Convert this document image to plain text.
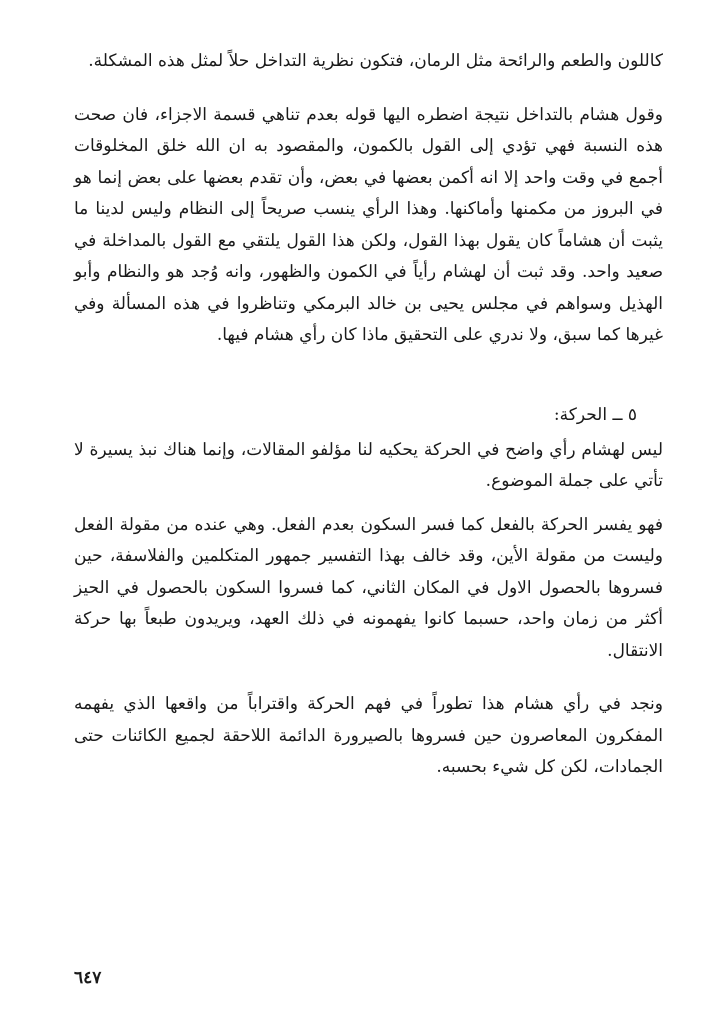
كاللون والطعم والرائحة مثل الرمان، فتكون نظرية التداخل حلاً لمثل هذه المشكلة.

وقول هشام بالتداخل نتيجة اضطره اليها قوله بعدم تناهي قسمة الاجزاء، فان صحت هذه النسبة فهي تؤدي إلى القول بالكمون، والمقصود به ان الله خلق المخلوقات أجمع في وقت واحد إلا انه أكمن بعضها في بعض، وأن تقدم بعضها على بعض إنما هو في البروز من مكمنها وأماكنها. وهذا الرأي ينسب صريحاً إلى النظام وليس لدينا ما يثبت أن هشاماً كان يقول بهذا القول، ولكن هذا القول يلتقي مع القول بالمداخلة في صعيد واحد. وقد ثبت أن لهشام رأياً في الكمون والظهور، وانه وُجد هو والنظام وأبو الهذيل وسواهم في مجلس يحيى بن خالد البرمكي وتناظروا في هذه المسألة وفي غيرها كما سبق، ولا ندري على التحقيق ماذا كان رأي هشام فيها.

٥ ــ الحركة:

ليس لهشام رأي واضح في الحركة يحكيه لنا مؤلفو المقالات، وإنما هناك نبذ يسيرة لا تأتي على جملة الموضوع.

فهو يفسر الحركة بالفعل كما فسر السكون بعدم الفعل. وهي عنده من مقولة الفعل وليست من مقولة الأين، وقد خالف بهذا التفسير جمهور المتكلمين والفلاسفة، حين فسروها بالحصول الاول في المكان الثاني، كما فسروا السكون بالحصول في الحيز أكثر من زمان واحد، حسبما كانوا يفهمونه في ذلك العهد، ويريدون طبعاً بها حركة الانتقال.

ونجد في رأي هشام هذا تطوراً في فهم الحركة واقتراباً من واقعها الذي يفهمه المفكرون المعاصرون حين فسروها بالصيرورة الدائمة اللاحقة لجميع الكائنات حتى الجمادات، لكن كل شيء بحسبه.

٦٤٧
